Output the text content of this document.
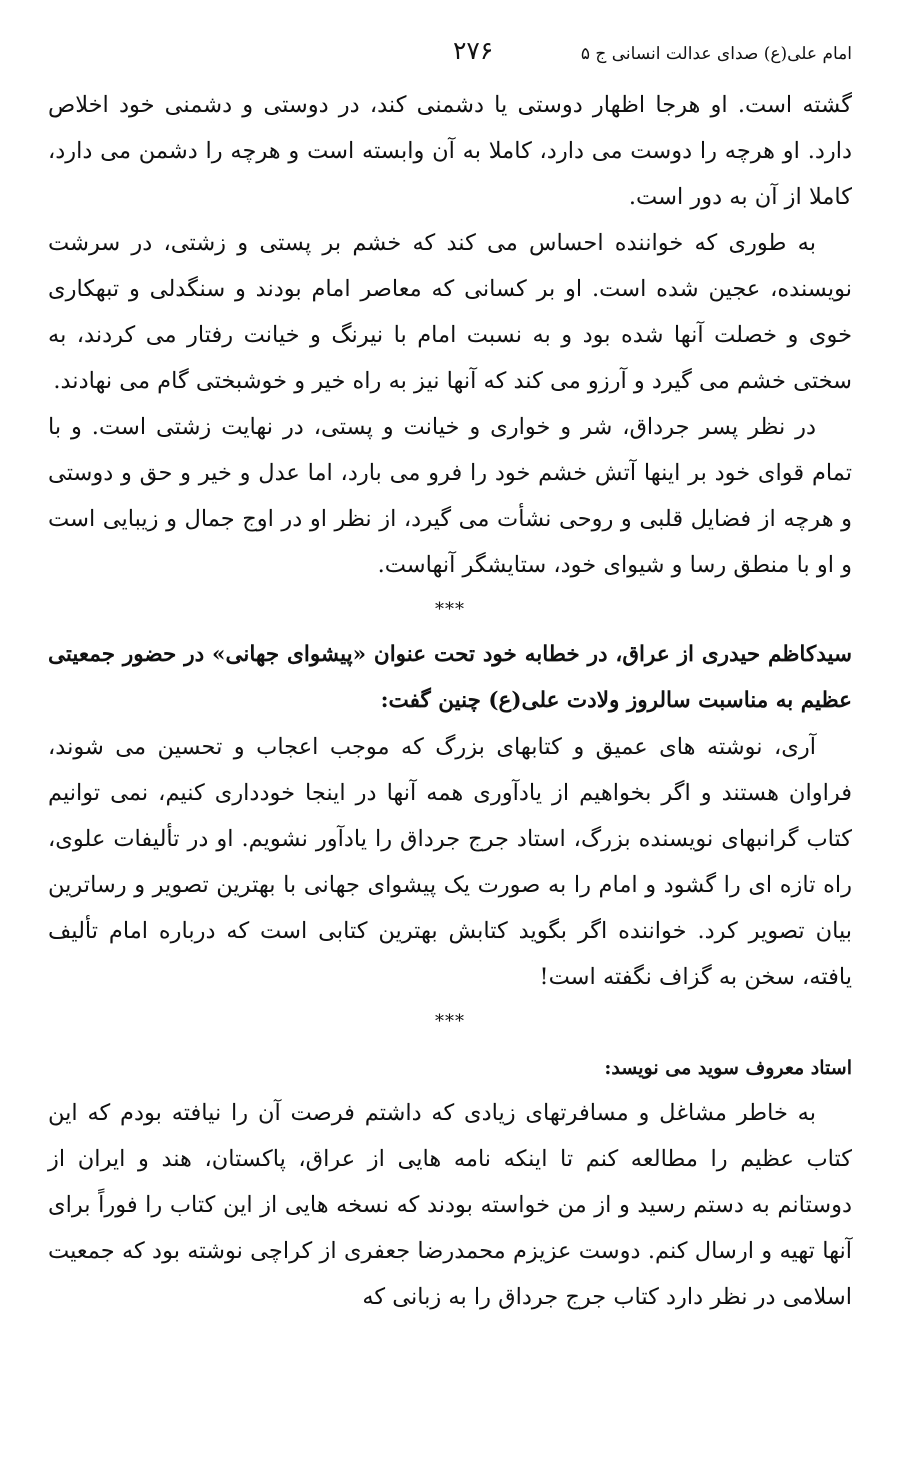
امام علی(ع) صدای عدالت انسانی ج ۵
۲۷۶

گشته است. او هرجا اظهار دوستی یا دشمنی کند، در دوستی و دشمنی خود اخلاص دارد. او هرچه را دوست می دارد، کاملا به آن وابسته است و هرچه را دشمن می دارد، کاملا از آن به دور است.

به طوری که خواننده احساس می کند که خشم بر پستی و زشتی، در سرشت نویسنده، عجین شده است. او بر کسانی که معاصر امام بودند و سنگدلی و تبهکاری خوی و خصلت آنها شده بود و به نسبت امام با نیرنگ و خیانت رفتار می کردند، به سختی خشم می گیرد و آرزو می کند که آنها نیز به راه خیر و خوشبختی گام می نهادند.

در نظر پسر جرداق، شر و خواری و خیانت و پستی، در نهایت زشتی است. و با تمام قوای خود بر اینها آتش خشم خود را فرو می بارد، اما عدل و خیر و حق و دوستی و هرچه از فضایل قلبی و روحی نشأت می گیرد، از نظر او در اوج جمال و زیبایی است و او با منطق رسا و شیوای خود، ستایشگر آنهاست.

***

سیدکاظم حیدری از عراق، در خطابه خود تحت عنوان «پیشوای جهانی» در حضور جمعیتی عظیم به مناسبت سالروز ولادت علی(ع) چنین گفت:

آری، نوشته های عمیق و کتابهای بزرگ که موجب اعجاب و تحسین می شوند، فراوان هستند و اگر بخواهیم از یادآوری همه آنها در اینجا خودداری کنیم، نمی توانیم کتاب گرانبهای نویسنده بزرگ، استاد جرج جرداق را یادآور نشویم. او در تألیفات علوی، راه تازه ای را گشود و امام را به صورت یک پیشوای جهانی با بهترین تصویر و رساترین بیان تصویر کرد. خواننده اگر بگوید کتابش بهترین کتابی است که درباره امام تألیف یافته، سخن به گزاف نگفته است!

***

استاد معروف سوید می نویسد:

به خاطر مشاغل و مسافرتهای زیادی که داشتم فرصت آن را نیافته بودم که این کتاب عظیم را مطالعه کنم تا اینکه نامه هایی از عراق، پاکستان، هند و ایران از دوستانم به دستم رسید و از من خواسته بودند که نسخه هایی از این کتاب را فوراً برای آنها تهیه و ارسال کنم. دوست عزیزم محمدرضا جعفری از کراچی نوشته بود که جمعیت اسلامی در نظر دارد کتاب جرج جرداق را به زبانی که
